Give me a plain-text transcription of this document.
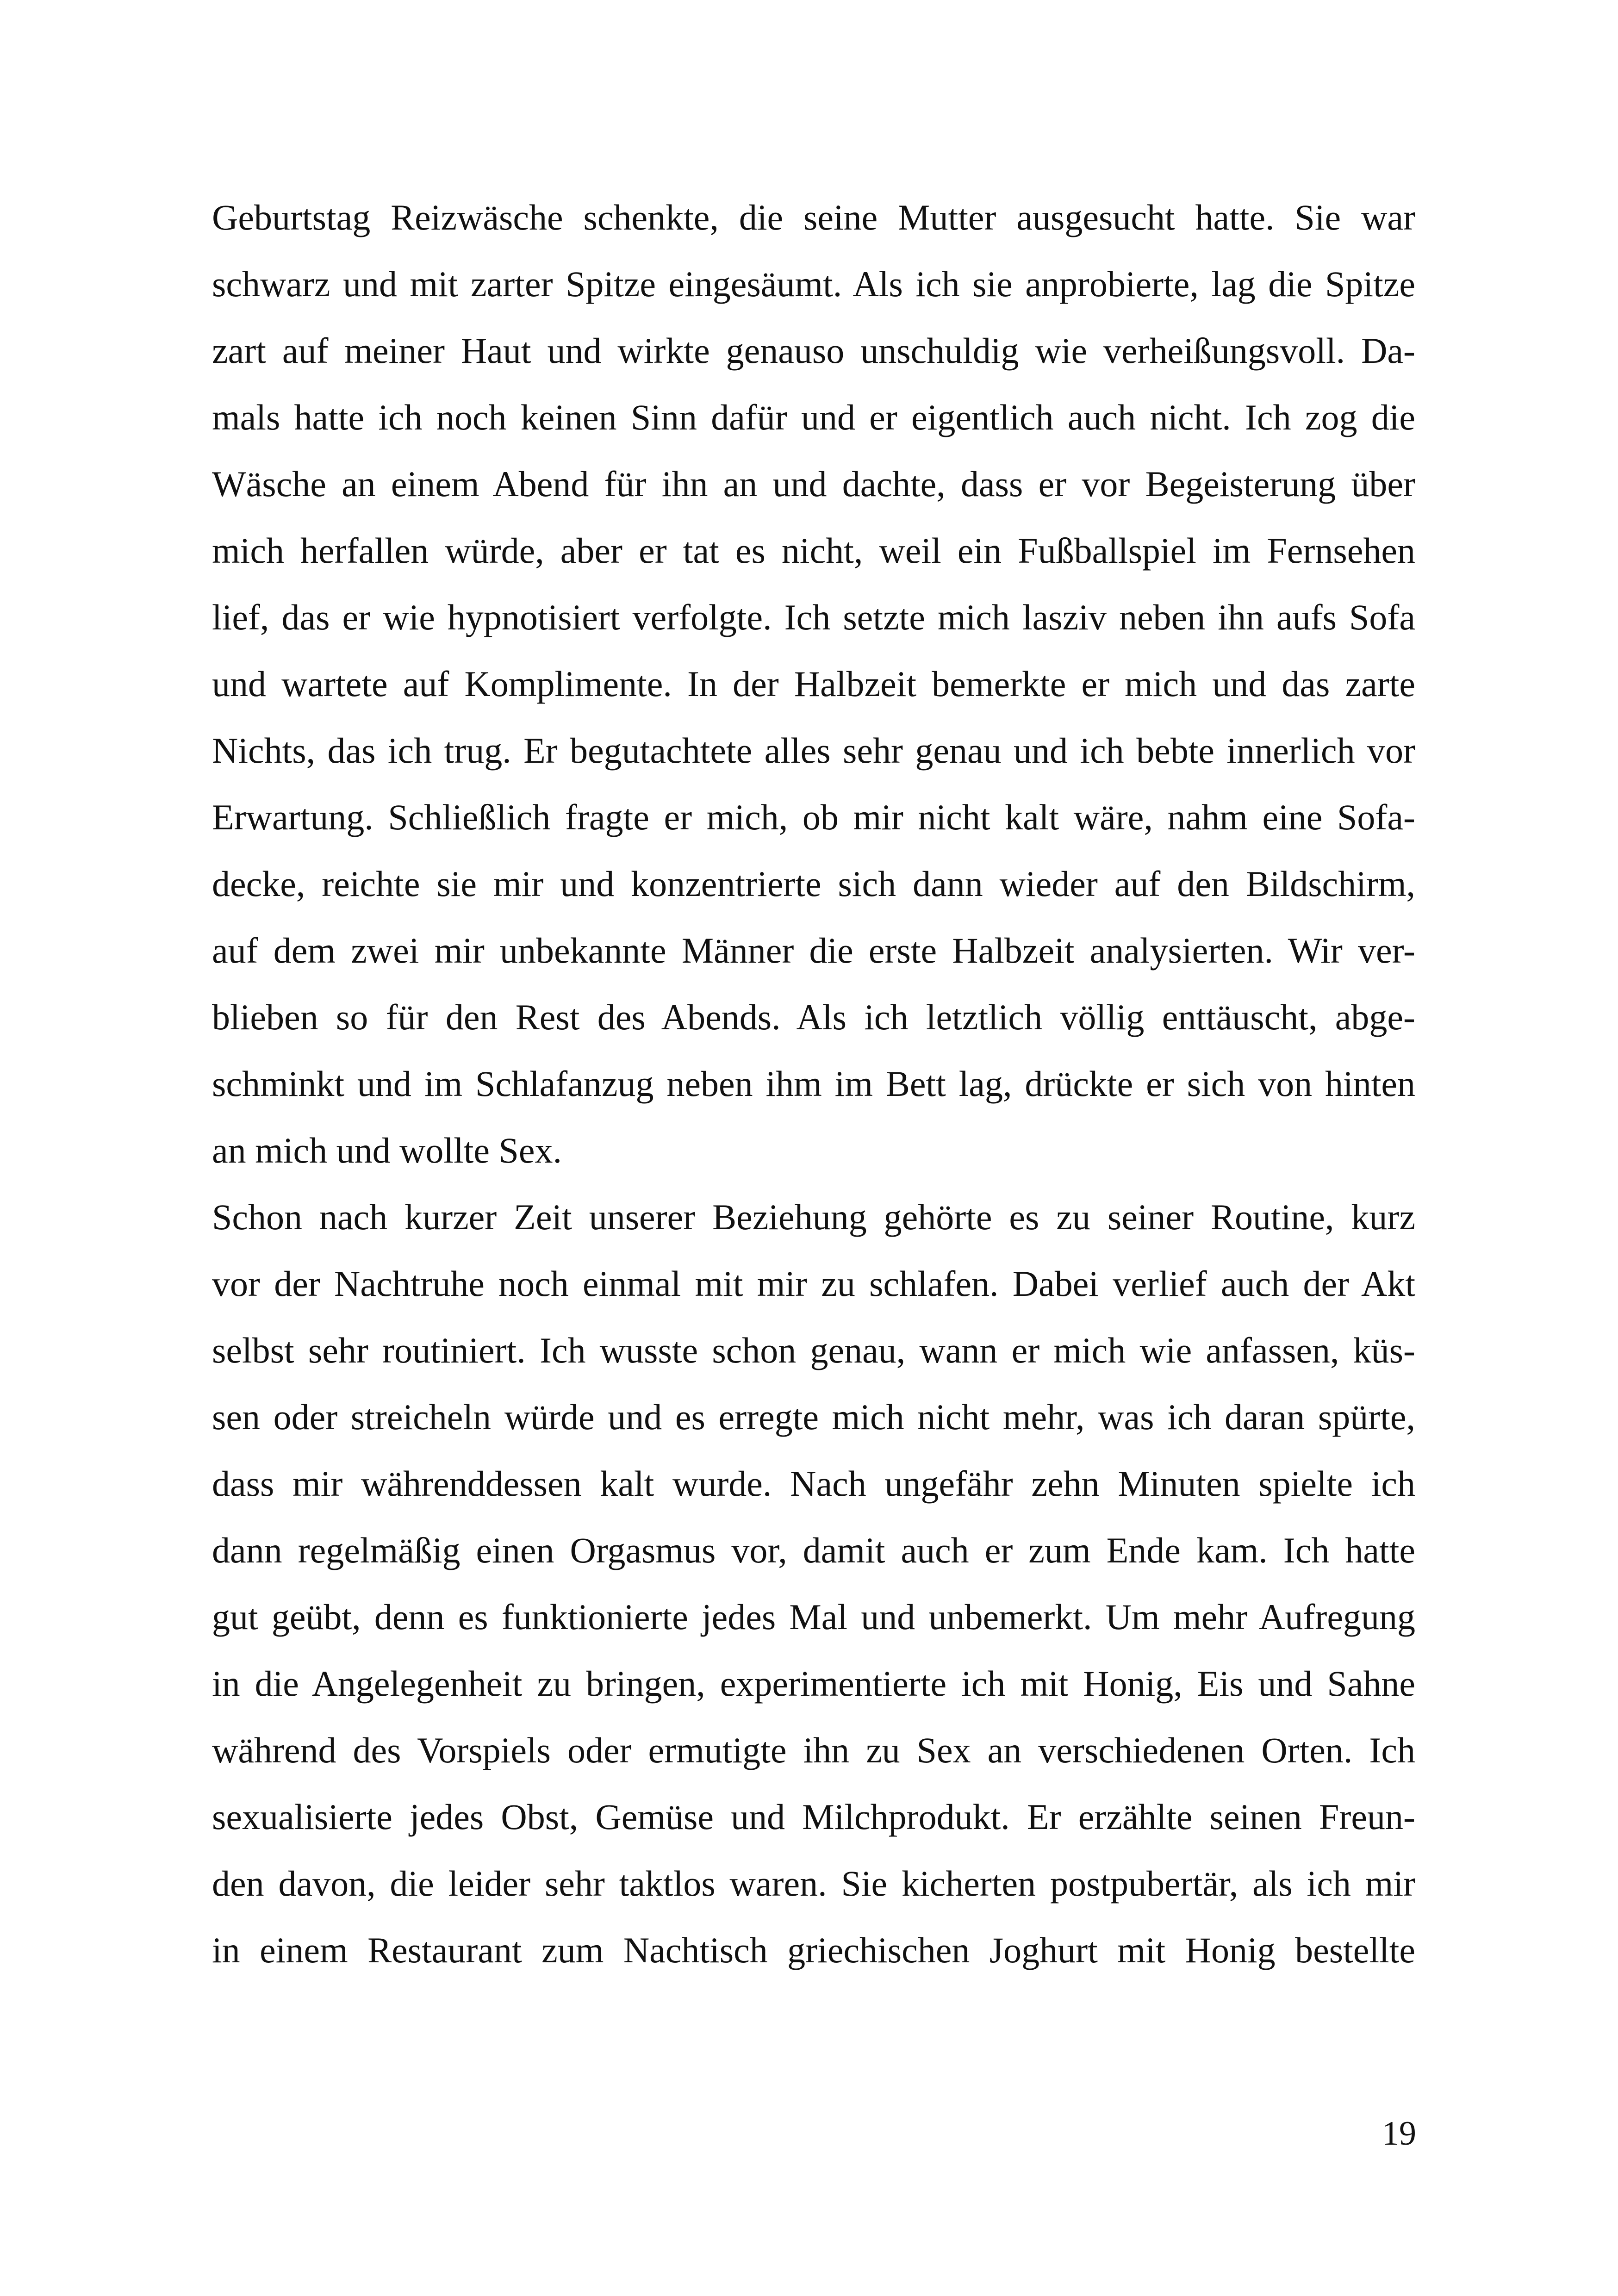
Geburtstag Reizwäsche schenkte, die seine Mutter ausgesucht hatte. Sie war
schwarz und mit zarter Spitze eingesäumt. Als ich sie anprobierte, lag die Spitze
zart auf meiner Haut und wirkte genauso unschuldig wie verheißungsvoll. Da-
mals hatte ich noch keinen Sinn dafür und er eigentlich auch nicht. Ich zog die
Wäsche an einem Abend für ihn an und dachte, dass er vor Begeisterung über
mich herfallen würde, aber er tat es nicht, weil ein Fußballspiel im Fernsehen
lief, das er wie hypnotisiert verfolgte. Ich setzte mich lasziv neben ihn aufs Sofa
und wartete auf Komplimente. In der Halbzeit bemerkte er mich und das zarte
Nichts, das ich trug. Er begutachtete alles sehr genau und ich bebte innerlich vor
Erwartung. Schließlich fragte er mich, ob mir nicht kalt wäre, nahm eine Sofa-
decke, reichte sie mir und konzentrierte sich dann wieder auf den Bildschirm,
auf dem zwei mir unbekannte Männer die erste Halbzeit analysierten. Wir ver-
blieben so für den Rest des Abends. Als ich letztlich völlig enttäuscht, abge-
schminkt und im Schlafanzug neben ihm im Bett lag, drückte er sich von hinten
an mich und wollte Sex.
Schon nach kurzer Zeit unserer Beziehung gehörte es zu seiner Routine, kurz
vor der Nachtruhe noch einmal mit mir zu schlafen. Dabei verlief auch der Akt
selbst sehr routiniert. Ich wusste schon genau, wann er mich wie anfassen, küs-
sen oder streicheln würde und es erregte mich nicht mehr, was ich daran spürte,
dass mir währenddessen kalt wurde. Nach ungefähr zehn Minuten spielte ich
dann regelmäßig einen Orgasmus vor, damit auch er zum Ende kam. Ich hatte
gut geübt, denn es funktionierte jedes Mal und unbemerkt. Um mehr Aufregung
in die Angelegenheit zu bringen, experimentierte ich mit Honig, Eis und Sahne
während des Vorspiels oder ermutigte ihn zu Sex an verschiedenen Orten. Ich
sexualisierte jedes Obst, Gemüse und Milchprodukt. Er erzählte seinen Freun-
den davon, die leider sehr taktlos waren. Sie kicherten postpubertär, als ich mir
in einem Restaurant zum Nachtisch griechischen Joghurt mit Honig bestellte
19
